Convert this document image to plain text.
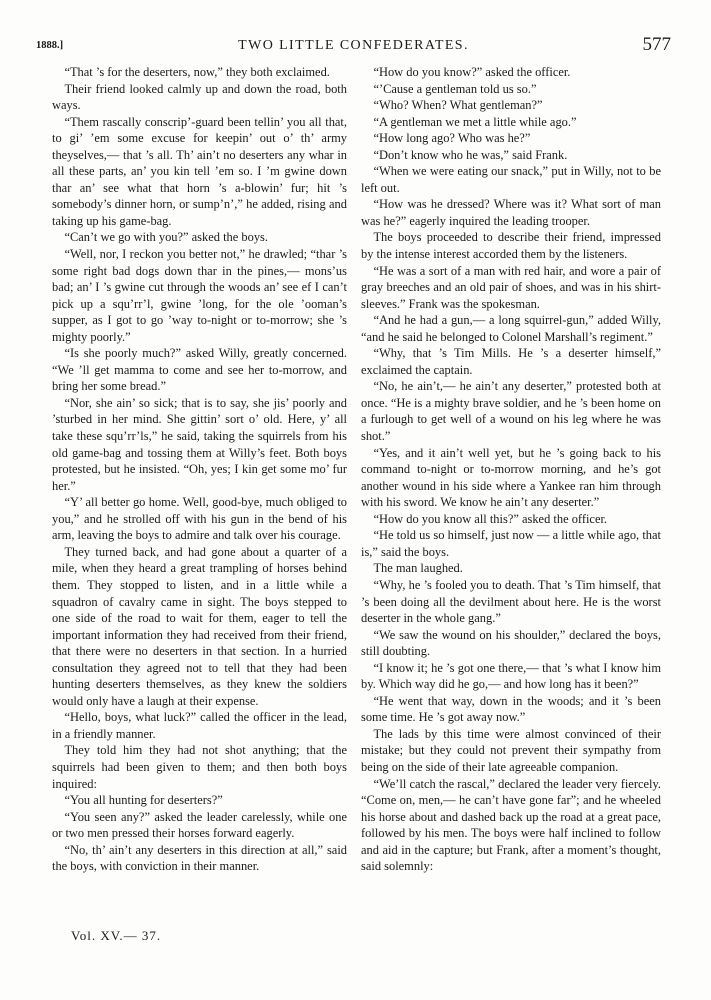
1888.]	TWO LITTLE CONFEDERATES.	577

“That ’s for the deserters, now,” they both exclaimed.

Their friend looked calmly up and down the road, both ways.

“Them rascally conscrip’-guard been tellin’ you all that, to gi’ ’em some excuse for keepin’ out o’ th’ army theyselves,— that ’s all. Th’ ain’t no deserters any whar in all these parts, an’ you kin tell ’em so. I ’m gwine down thar an’ see what that horn ’s a-blowin’ fur; hit ’s somebody’s dinner horn, or sump’n’,” he added, rising and taking up his game-bag.

“Can’t we go with you?” asked the boys.

“Well, nor, I reckon you better not,” he drawled; “thar ’s some right bad dogs down thar in the pines,— mons’us bad; an’ I ’s gwine cut through the woods an’ see ef I can’t pick up a squ’rr’l, gwine ’long, for the ole ’ooman’s supper, as I got to go ’way to-night or to-morrow; she ’s mighty poorly.”

“Is she poorly much?” asked Willy, greatly concerned. “We ’ll get mamma to come and see her to-morrow, and bring her some bread.”

“Nor, she ain’ so sick; that is to say, she jis’ poorly and ’sturbed in her mind. She gittin’ sort o’ old. Here, y’ all take these squ’rr’ls,” he said, taking the squirrels from his old game-bag and tossing them at Willy’s feet. Both boys protested, but he insisted. “Oh, yes; I kin get some mo’ fur her.”

“Y’ all better go home. Well, good-bye, much obliged to you,” and he strolled off with his gun in the bend of his arm, leaving the boys to admire and talk over his courage.

They turned back, and had gone about a quarter of a mile, when they heard a great trampling of horses behind them. They stopped to listen, and in a little while a squadron of cavalry came in sight. The boys stepped to one side of the road to wait for them, eager to tell the important information they had received from their friend, that there were no deserters in that section. In a hurried consultation they agreed not to tell that they had been hunting deserters themselves, as they knew the soldiers would only have a laugh at their expense.

“Hello, boys, what luck?” called the officer in the lead, in a friendly manner.

They told him they had not shot anything; that the squirrels had been given to them; and then both boys inquired:

“You all hunting for deserters?”

“You seen any?” asked the leader carelessly, while one or two men pressed their horses forward eagerly.

“No, th’ ain’t any deserters in this direction at all,” said the boys, with conviction in their manner.

“How do you know?” asked the officer.

“’Cause a gentleman told us so.”

“Who? When? What gentleman?”

“A gentleman we met a little while ago.”

“How long ago? Who was he?”

“Don’t know who he was,” said Frank.

“When we were eating our snack,” put in Willy, not to be left out.

“How was he dressed? Where was it? What sort of man was he?” eagerly inquired the leading trooper.

The boys proceeded to describe their friend, impressed by the intense interest accorded them by the listeners.

“He was a sort of a man with red hair, and wore a pair of gray breeches and an old pair of shoes, and was in his shirt-sleeves.” Frank was the spokesman.

“And he had a gun,— a long squirrel-gun,” added Willy, “and he said he belonged to Colonel Marshall’s regiment.”

“Why, that ’s Tim Mills. He ’s a deserter himself,” exclaimed the captain.

“No, he ain’t,— he ain’t any deserter,” protested both at once. “He is a mighty brave soldier, and he ’s been home on a furlough to get well of a wound on his leg where he was shot.”

“Yes, and it ain’t well yet, but he ’s going back to his command to-night or to-morrow morning, and he’s got another wound in his side where a Yankee ran him through with his sword. We know he ain’t any deserter.”

“How do you know all this?” asked the officer.

“He told us so himself, just now — a little while ago, that is,” said the boys.

The man laughed.

“Why, he ’s fooled you to death. That ’s Tim himself, that ’s been doing all the devilment about here. He is the worst deserter in the whole gang.”

“We saw the wound on his shoulder,” declared the boys, still doubting.

“I know it; he ’s got one there,— that ’s what I know him by. Which way did he go,— and how long has it been?”

“He went that way, down in the woods; and it ’s been some time. He ’s got away now.”

The lads by this time were almost convinced of their mistake; but they could not prevent their sympathy from being on the side of their late agreeable companion.

“We’ll catch the rascal,” declared the leader very fiercely. “Come on, men,— he can’t have gone far”; and he wheeled his horse about and dashed back up the road at a great pace, followed by his men. The boys were half inclined to follow and aid in the capture; but Frank, after a moment’s thought, said solemnly:

Vol. XV.— 37.
